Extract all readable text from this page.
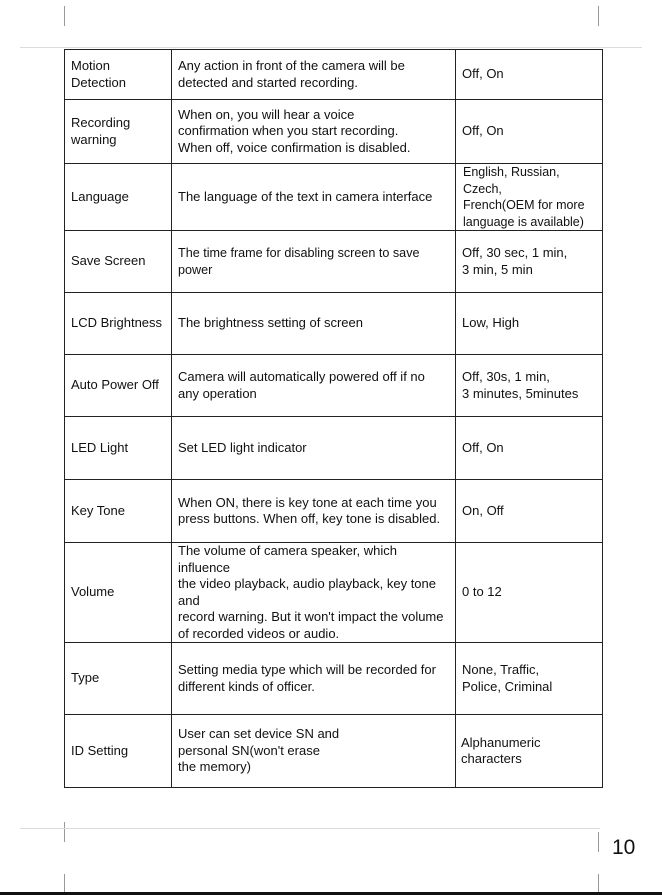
Motion
Detection	Any action in front of the camera will be
detected and started recording.	Off, On
Recording
warning	When on, you will hear a voice
confirmation when you start recording.
When off, voice confirmation is disabled.	Off, On
Language	The language of the text in camera interface	English, Russian, Czech,
French(OEM for more
language is available)
Save Screen	The time frame for disabling screen to save power	Off, 30 sec, 1 min,
3 min, 5 min
LCD Brightness	The brightness setting of screen	Low, High
Auto Power Off	Camera will automatically powered off if no
any operation	Off, 30s, 1 min,
3 minutes, 5minutes
LED Light	Set LED light indicator	Off, On
Key Tone	When ON, there is key tone at each time you
press buttons. When off, key tone is disabled.	On, Off
Volume	The volume of camera speaker, which influence
the video playback, audio playback, key tone and
record warning. But it won't impact the volume
of recorded videos or audio.	0 to 12
Type	Setting media type which will be recorded for
different kinds of officer.	None, Traffic,
Police, Criminal
ID Setting	User can set device SN and
personal SN(won't erase
the memory)	Alphanumeric
characters
10
